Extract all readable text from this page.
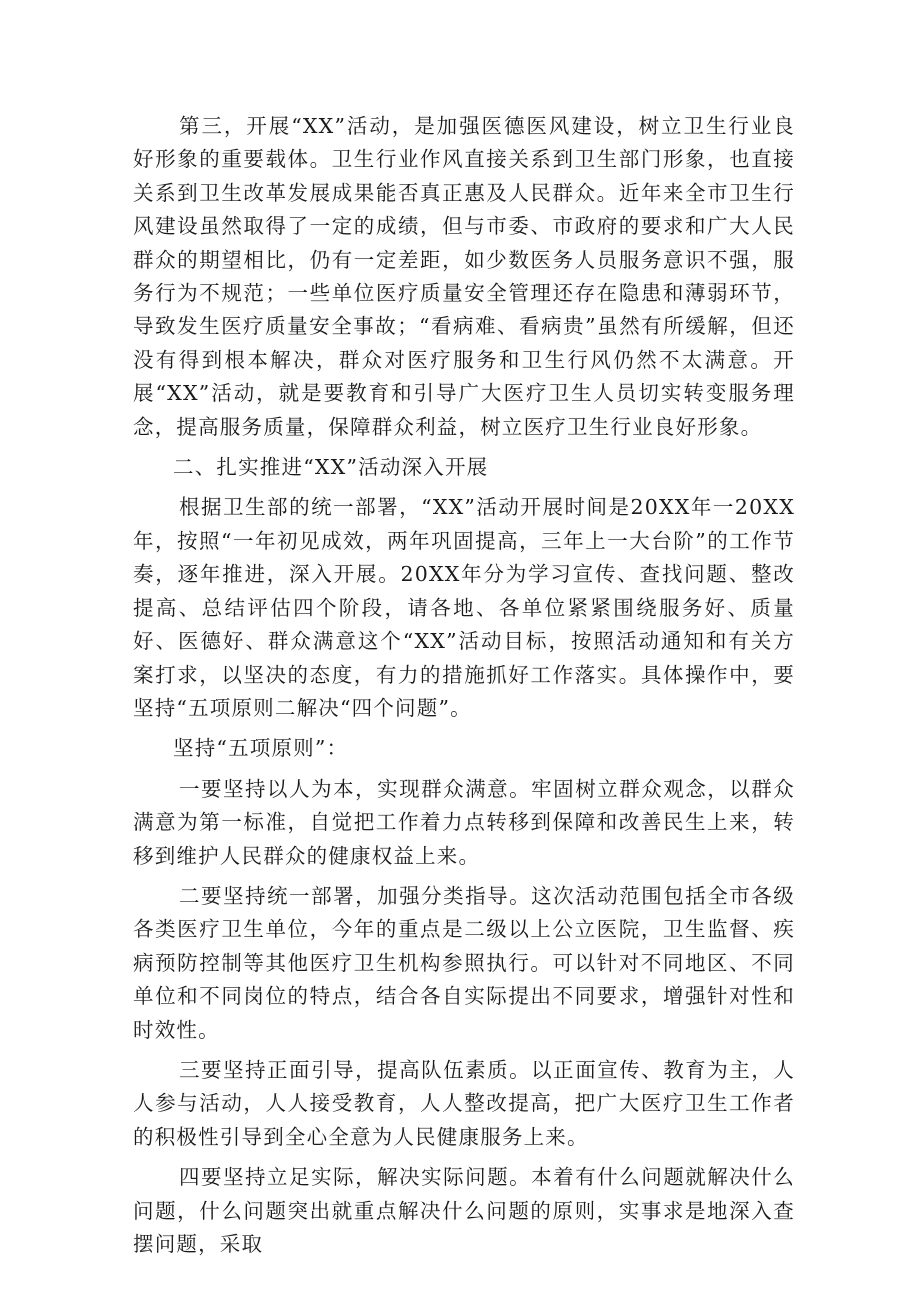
第三，开展“XX”活动，是加强医德医风建设，树立卫生行业良好形象的重要载体。卫生行业作风直接关系到卫生部门形象，也直接关系到卫生改革发展成果能否真正惠及人民群众。近年来全市卫生行风建设虽然取得了一定的成绩，但与市委、市政府的要求和广大人民群众的期望相比，仍有一定差距，如少数医务人员服务意识不强，服务行为不规范；一些单位医疗质量安全管理还存在隐患和薄弱环节，导致发生医疗质量安全事故；“看病难、看病贵”虽然有所缓解，但还没有得到根本解决，群众对医疗服务和卫生行风仍然不太满意。开展“XX”活动，就是要教育和引导广大医疗卫生人员切实转变服务理念，提高服务质量，保障群众利益，树立医疗卫生行业良好形象。

二、扎实推进“XX”活动深入开展

根据卫生部的统一部署，“XX”活动开展时间是20XX年一20XX年，按照“一年初见成效，两年巩固提高，三年上一大台阶”的工作节奏，逐年推进，深入开展。20XX年分为学习宣传、查找问题、整改提高、总结评估四个阶段，请各地、各单位紧紧围绕服务好、质量好、医德好、群众满意这个“XX”活动目标，按照活动通知和有关方案打求，以坚决的态度，有力的措施抓好工作落实。具体操作中，要坚持“五项原则二解决“四个问题”。

坚持“五项原则”：

一要坚持以人为本，实现群众满意。牢固树立群众观念，以群众满意为第一标准，自觉把工作着力点转移到保障和改善民生上来，转移到维护人民群众的健康权益上来。

二要坚持统一部署，加强分类指导。这次活动范围包括全市各级各类医疗卫生单位，今年的重点是二级以上公立医院，卫生监督、疾病预防控制等其他医疗卫生机构参照执行。可以针对不同地区、不同单位和不同岗位的特点，结合各自实际提出不同要求，增强针对性和时效性。

三要坚持正面引导，提高队伍素质。以正面宣传、教育为主，人人参与活动，人人接受教育，人人整改提高，把广大医疗卫生工作者的积极性引导到全心全意为人民健康服务上来。

四要坚持立足实际，解决实际问题。本着有什么问题就解决什么问题，什么问题突出就重点解决什么问题的原则，实事求是地深入查摆问题，采取
